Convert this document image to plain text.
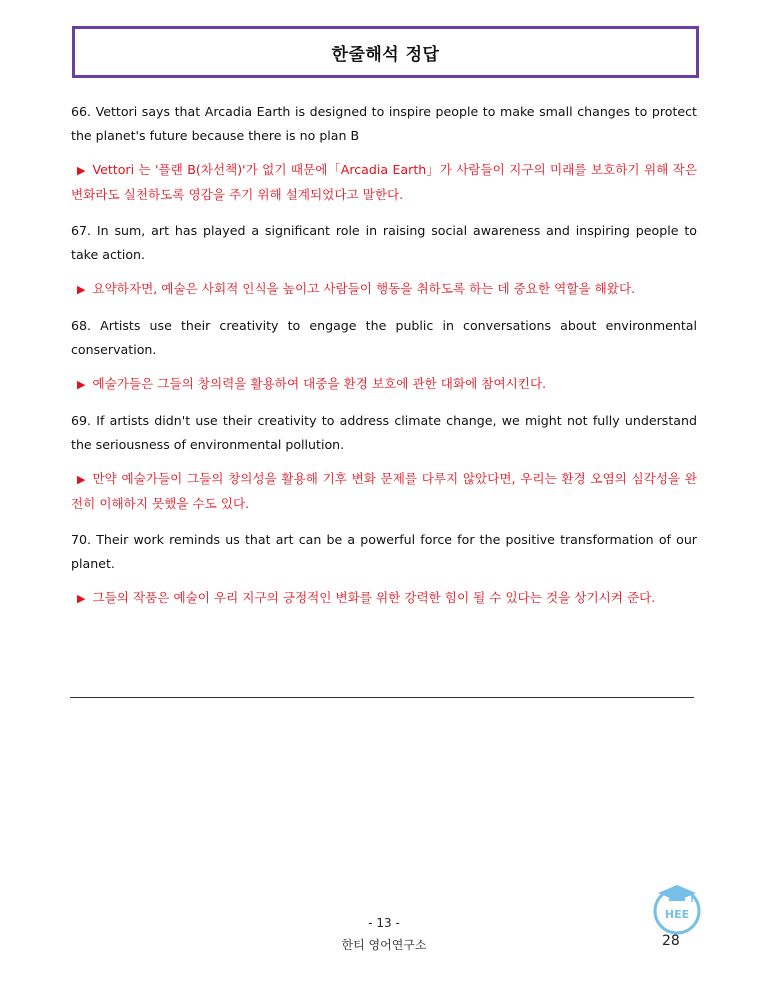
한줄해석 정답

66. Vettori says that Arcadia Earth is designed to inspire people to make small changes to protect the planet's future because there is no plan B

▶ Vettori 는 '플랜 B(차선책)'가 없기 때문에「Arcadia Earth」가 사람들이 지구의 미래를 보호하기 위해 작은 변화라도 실천하도록 영감을 주기 위해 설계되었다고 말한다.

67. In sum, art has played a significant role in raising social awareness and inspiring people to take action.

▶ 요약하자면, 예술은 사회적 인식을 높이고 사람들이 행동을 취하도록 하는 데 중요한 역할을 해왔다.

68. Artists use their creativity to engage the public in conversations about environmental conservation.

▶ 예술가들은 그들의 창의력을 활용하여 대중을 환경 보호에 관한 대화에 참여시킨다.

69. If artists didn't use their creativity to address climate change, we might not fully understand the seriousness of environmental pollution.

▶ 만약 예술가들이 그들의 창의성을 활용해 기후 변화 문제를 다루지 않았다면, 우리는 환경 오염의 심각성을 완전히 이해하지 못했을 수도 있다.

70. Their work reminds us that art can be a powerful force for the positive transformation of our planet.

▶ 그들의 작품은 예술이 우리 지구의 긍정적인 변화를 위한 강력한 힘이 될 수 있다는 것을 상기시켜 준다.

HEE
- 13 -
한티 영어연구소	28
